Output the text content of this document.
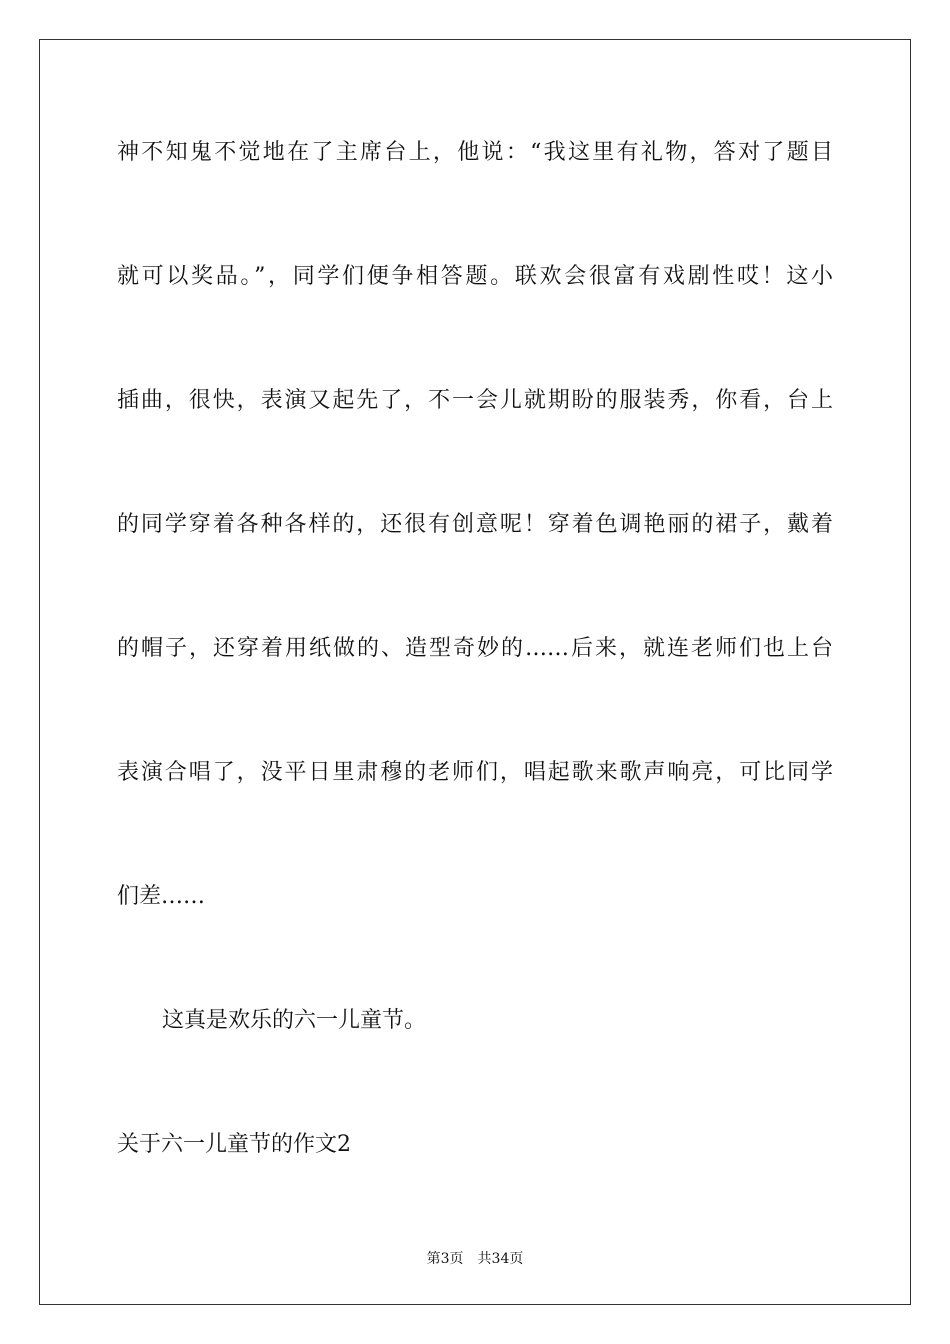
神不知鬼不觉地在了主席台上，他说：“我这里有礼物，答对了题目
就可以奖品。”，同学们便争相答题。联欢会很富有戏剧性哎！这小
插曲，很快，表演又起先了，不一会儿就期盼的服装秀，你看，台上
的同学穿着各种各样的，还很有创意呢！穿着色调艳丽的裙子，戴着
的帽子，还穿着用纸做的、造型奇妙的……后来，就连老师们也上台
表演合唱了，没平日里肃穆的老师们，唱起歌来歌声响亮，可比同学
们差……
这真是欢乐的六一儿童节。
关于六一儿童节的作文2
第3页 共34页
